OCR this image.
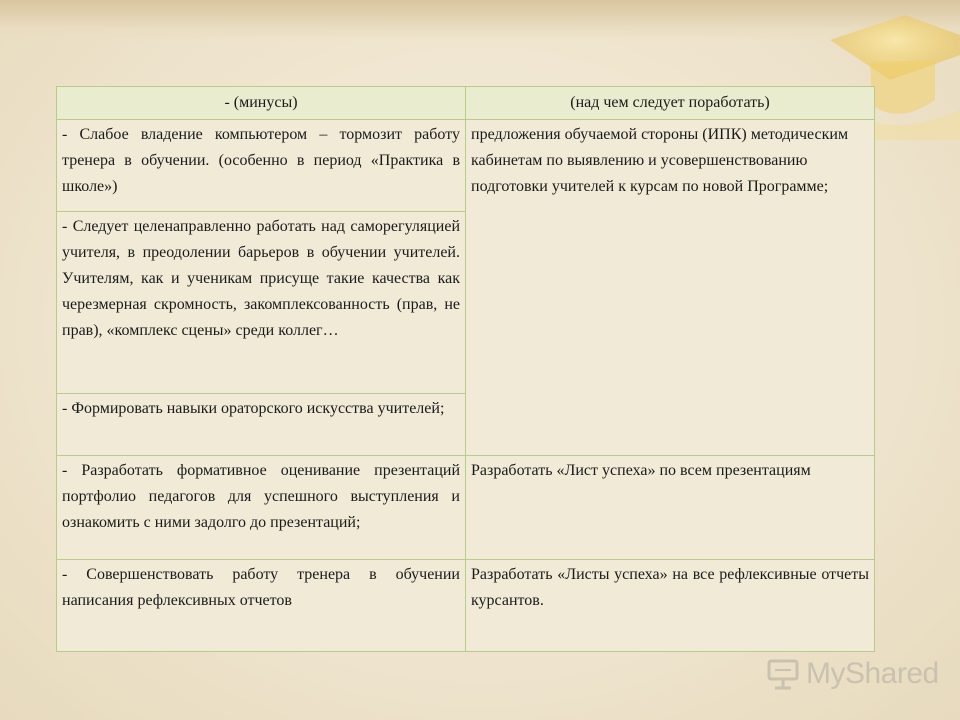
- (минусы)	(над чем следует поработать)
- Слабое владение компьютером – тормозит работу тренера в обучении. (особенно в период «Практика в школе»)	предложения обучаемой стороны (ИПК) методическим кабинетам по выявлению и усовершенствованию подготовки учителей к курсам по новой Программе;
- Следует целенаправленно работать над саморегуляцией учителя, в преодолении барьеров в обучении учителей. Учителям, как и ученикам присуще такие качества как черезмерная скромность, закомплексованность (прав, не прав), «комплекс сцены» среди коллег…	
- Формировать навыки ораторского искусства учителей;	
- Разработать формативное оценивание презентаций портфолио педагогов для успешного выступления и ознакомить с ними задолго до презентаций;	Разработать «Лист успеха» по всем презентациям
- Совершенствовать работу тренера в обучении написания рефлексивных отчетов	Разработать «Листы успеха» на все рефлексивные отчеты курсантов.
MyShared
